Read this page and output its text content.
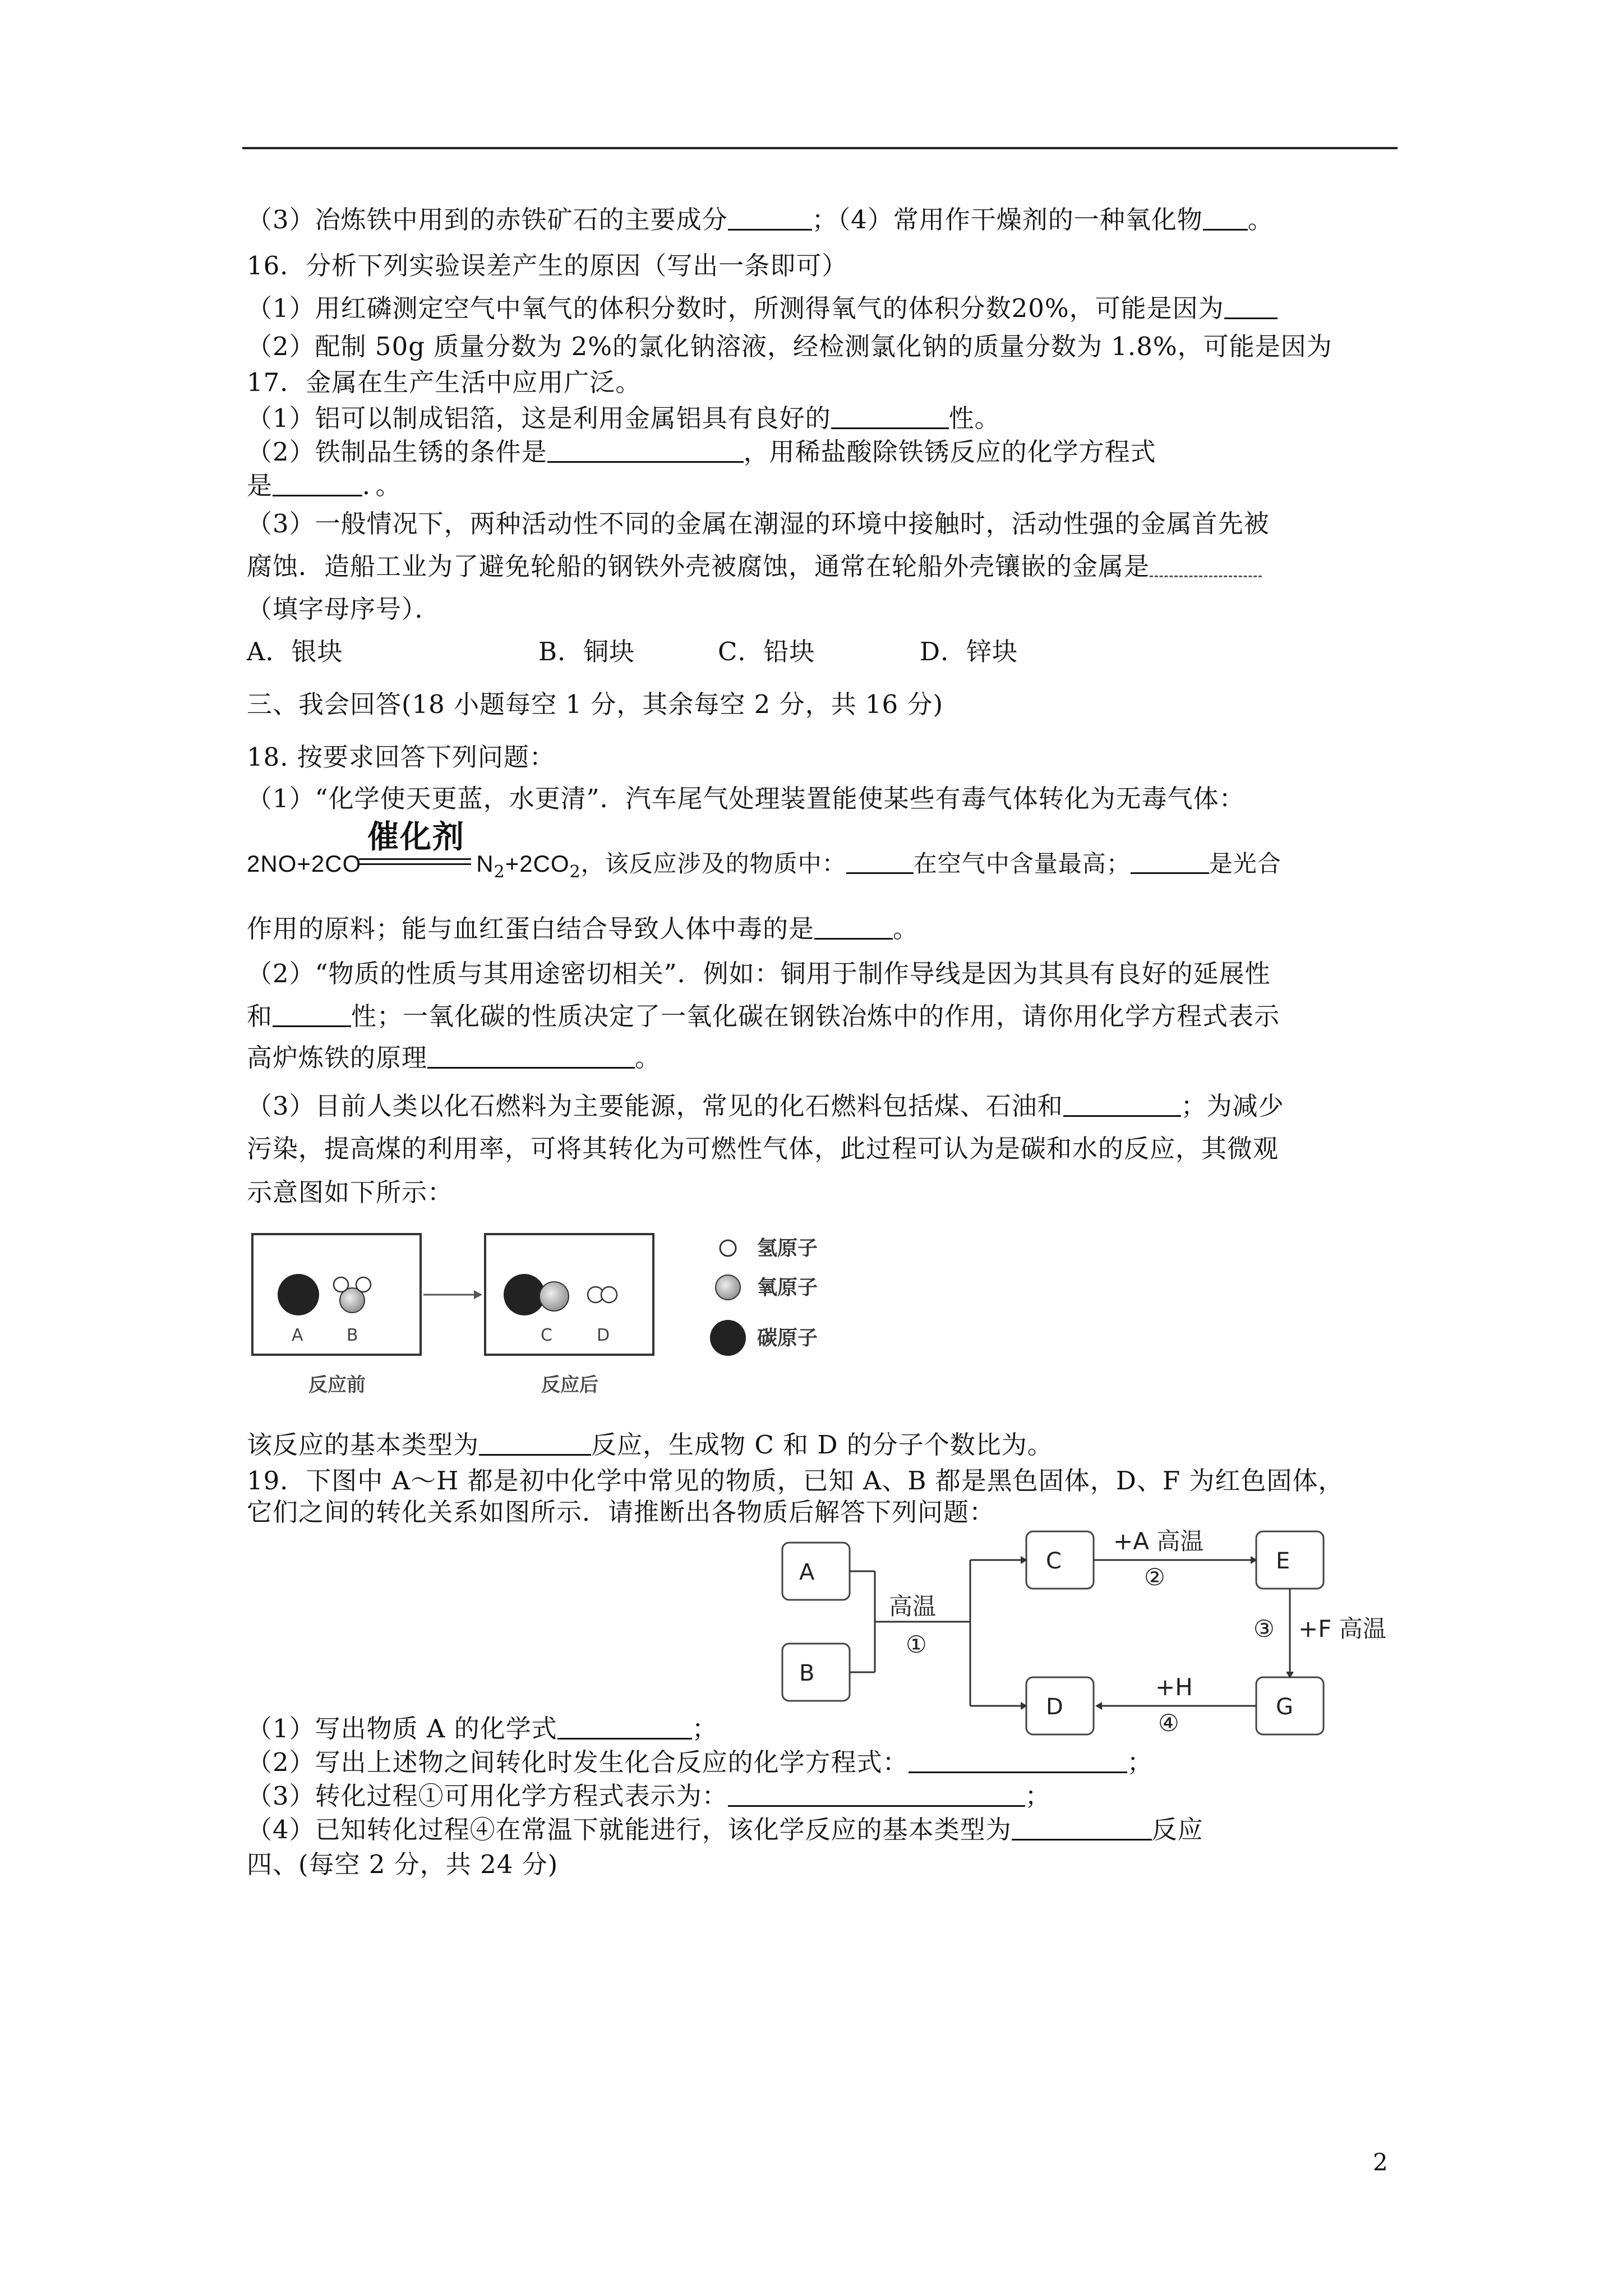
（3）冶炼铁中用到的赤铁矿石的主要成分	；（4）常用作干燥剂的一种氧化物 。
16．分析下列实验误差产生的原因（写出一条即可）
（1）用红磷测定空气中氧气的体积分数时，所测得氧气的体积分数20%，可能是因为
（2）配制 50g 质量分数为 2%的氯化钠溶液，经检测氯化钠的质量分数为 1.8%，可能是因为
17．金属在生产生活中应用广泛。
（1）铝可以制成铝箔，这是利用金属铝具有良好的	性。
（2）铁制品生锈的条件是	，用稀盐酸除铁锈反应的化学方程式
是	．。
（3）一般情况下，两种活动性不同的金属在潮湿的环境中接触时，活动性强的金属首先被
腐蚀．造船工业为了避免轮船的钢铁外壳被腐蚀，通常在轮船外壳镶嵌的金属是
（填字母序号）．
A．银块	B．铜块	C．铅块	D．锌块
三、我会回答(18 小题每空 1 分，其余每空 2 分，共 16 分)
18. 按要求回答下列问题：
（1）“化学使天更蓝，水更清”．汽车尾气处理装置能使某些有毒气体转化为无毒气体：
催化剂
2NO+2CO	$N_2+2CO_2$，该反应涉及的物质中：	在空气中含量最高；	是光合
作用的原料；能与血红蛋白结合导致人体中毒的是	。
（2）“物质的性质与其用途密切相关”．例如：铜用于制作导线是因为其具有良好的延展性
和	性；一氧化碳的性质决定了一氧化碳在钢铁冶炼中的作用，请你用化学方程式表示
高炉炼铁的原理	。
（3）目前人类以化石燃料为主要能源，常见的化石燃料包括煤、石油和	；为减少
污染，提高煤的利用率，可将其转化为可燃性气体，此过程可认为是碳和水的反应，其微观
示意图如下所示：
A	B	C	D
反应前	反应后
氢原子
氧原子
碳原子
该反应的基本类型为	反应，生成物 C 和 D 的分子个数比为。
19．下图中 A～H 都是初中化学中常见的物质，已知 A、B 都是黑色固体，D、F 为红色固体，
它们之间的转化关系如图所示．请推断出各物质后解答下列问题：
A
B
C
D
E
G
高温
①
+A 高温
②
③ +F 高温
+H
④
（1）写出物质 A 的化学式	；
（2）写出上述物之间转化时发生化合反应的化学方程式：	；
（3）转化过程①可用化学方程式表示为：	；
（4）已知转化过程④在常温下就能进行，该化学反应的基本类型为	反应
四、(每空 2 分，共 24 分)
2
